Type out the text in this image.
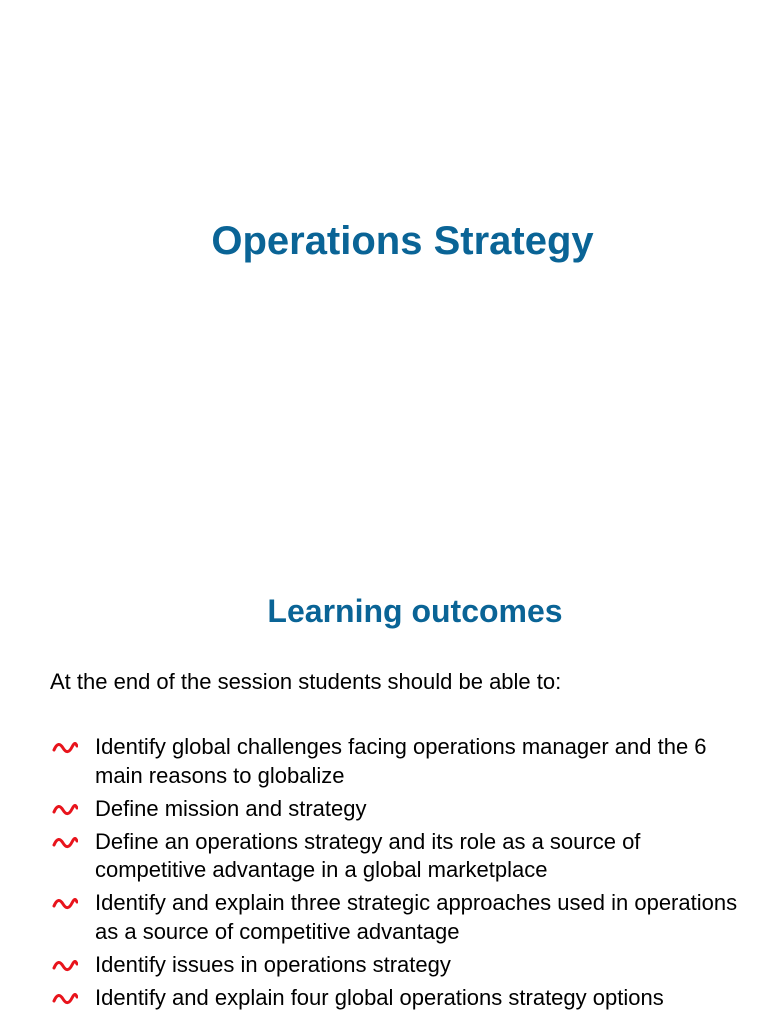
Operations Strategy
Learning outcomes

At the end of the session students should be able to:

Identify global challenges facing operations manager and the 6 main reasons to globalize
Define mission and strategy
Define an operations strategy and its role as a source of competitive advantage in a global marketplace
Identify and explain three strategic approaches used in operations as a source of competitive advantage
Identify issues in operations strategy
Identify and explain four global operations strategy options
